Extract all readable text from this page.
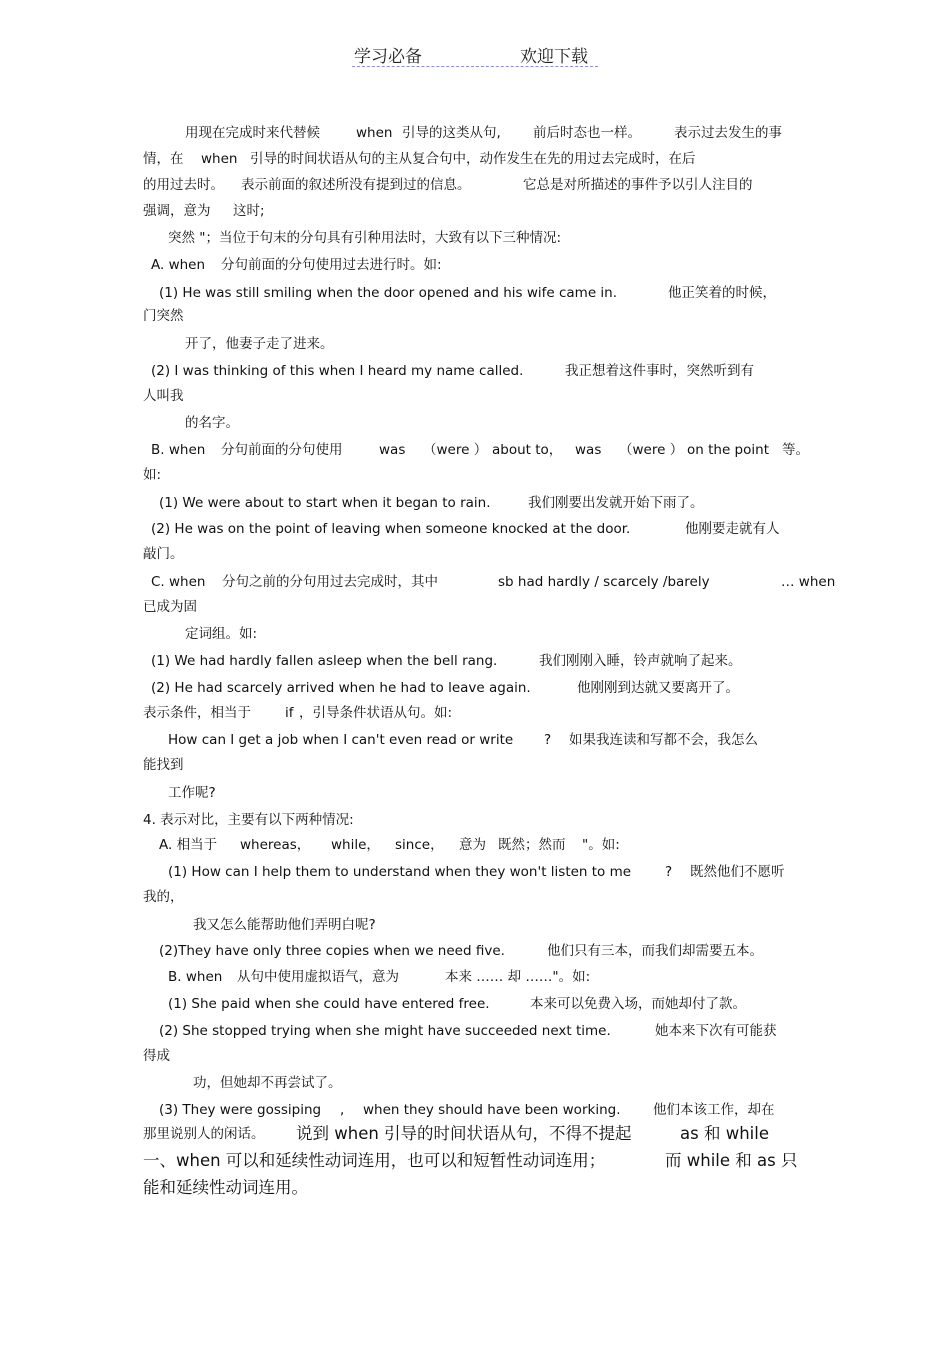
学习必备	欢迎下载
用现在完成时来代替候	when 引导的这类从句, 前后时态也一样。 表示过去发生的事
情，在 when 引导的时间状语从句的主从复合句中，动作发生在先的用过去完成时，在后
的用过去时。 表示前面的叙述所没有提到过的信息。	它总是对所描述的事件予以引人注目的
强调，意为 这时;
突然 "；当位于句末的分句具有引种用法时，大致有以下三种情况:
A. when 分句前面的分句使用过去进行时。如:
(1) He was still smiling when the door opened and his wife came in.	他正笑着的时候，
门突然
开了，他妻子走了进来。
(2) I was thinking of this when I heard my name called.	我正想着这件事时，突然听到有
人叫我
的名字。
B. when 分句前面的分句使用	was （were ） about to， was （were ） on the point 等。
如:
(1) We were about to start when it began to rain.	我们刚要出发就开始下雨了。
(2) He was on the point of leaving when someone knocked at the door.	他刚要走就有人
敲门。
C. when 分句之前的分句用过去完成时，其中	sb had hardly / scarcely /barely	… when
已成为固
定词组。如:
(1) We had hardly fallen asleep when the bell rang.	我们刚刚入睡，铃声就响了起来。
(2) He had scarcely arrived when he had to leave again.	他刚刚到达就又要离开了。
表示条件，相当于	if ，引导条件状语从句。如:
How can I get a job when I can't even read or write ? 如果我连读和写都不会，我怎么
能找到
工作呢?
4. 表示对比，主要有以下两种情况:
A. 相当于 whereas， while， since， 意为 既然；然而 "。如:
(1) How can I help them to understand when they won't listen to me	? 既然他们不愿听
我的，
我又怎么能帮助他们弄明白呢?
(2)They have only three copies when we need five.	他们只有三本，而我们却需要五本。
B. when 从句中使用虚拟语气，意为	本来 …… 却 ……"。如:
(1) She paid when she could have entered free.	本来可以免费入场，而她却付了款。
(2) She stopped trying when she might have succeeded next time.	她本来下次有可能获
得成
功，但她却不再尝试了。
(3) They were gossiping , when they should have been working. 他们本该工作，却在
那里说别人的闲话。 说到 when 引导的时间状语从句，不得不提起	as 和 while
一、when 可以和延续性动词连用，也可以和短暂性动词连用；	而 while 和 as 只
能和延续性动词连用。
